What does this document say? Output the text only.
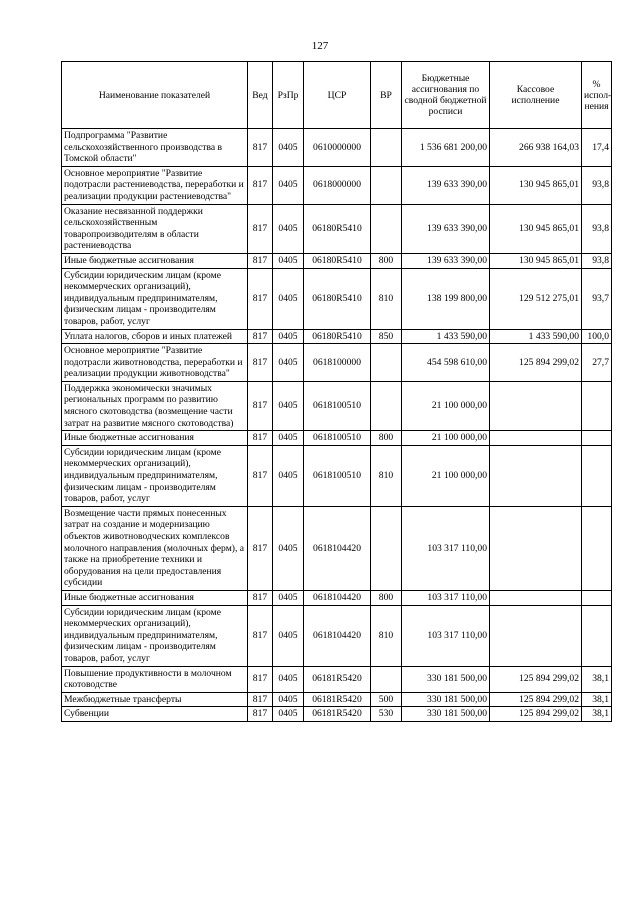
127
Наименование показателей	Вед	РзПр	ЦСР	ВР	Бюджетные ассигнования по сводной бюджетной росписи	Кассовое исполнение	% испол-нения
Подпрограмма "Развитие сельскохозяйственного производства в Томской области"	817	0405	0610000000		1 536 681 200,00	266 938 164,03	17,4
Основное мероприятие "Развитие подотрасли растениеводства, переработки и реализации продукции растениеводства"	817	0405	0618000000		139 633 390,00	130 945 865,01	93,8
Оказание несвязанной поддержки сельскохозяйственным товаропроизводителям в области растениеводства	817	0405	06180R5410		139 633 390,00	130 945 865,01	93,8
Иные бюджетные ассигнования	817	0405	06180R5410	800	139 633 390,00	130 945 865,01	93,8
Субсидии юридическим лицам (кроме некоммерческих организаций), индивидуальным предпринимателям, физическим лицам - производителям товаров, работ, услуг	817	0405	06180R5410	810	138 199 800,00	129 512 275,01	93,7
Уплата налогов, сборов и иных платежей	817	0405	06180R5410	850	1 433 590,00	1 433 590,00	100,0
Основное мероприятие "Развитие подотрасли животноводства, переработки и реализации продукции животноводства"	817	0405	0618100000		454 598 610,00	125 894 299,02	27,7
Поддержка экономически значимых региональных программ по развитию мясного скотоводства (возмещение части затрат на развитие мясного скотоводства)	817	0405	0618100510		21 100 000,00		
Иные бюджетные ассигнования	817	0405	0618100510	800	21 100 000,00		
Субсидии юридическим лицам (кроме некоммерческих организаций), индивидуальным предпринимателям, физическим лицам - производителям товаров, работ, услуг	817	0405	0618100510	810	21 100 000,00		
Возмещение части прямых понесенных затрат на создание и модернизацию объектов животноводческих комплексов молочного направления (молочных ферм), а также на приобретение техники и оборудования на цели предоставления субсидии	817	0405	0618104420		103 317 110,00		
Иные бюджетные ассигнования	817	0405	0618104420	800	103 317 110,00		
Субсидии юридическим лицам (кроме некоммерческих организаций), индивидуальным предпринимателям, физическим лицам - производителям товаров, работ, услуг	817	0405	0618104420	810	103 317 110,00		
Повышение продуктивности в молочном скотоводстве	817	0405	06181R5420		330 181 500,00	125 894 299,02	38,1
Межбюджетные трансферты	817	0405	06181R5420	500	330 181 500,00	125 894 299,02	38,1
Субвенции	817	0405	06181R5420	530	330 181 500,00	125 894 299,02	38,1
